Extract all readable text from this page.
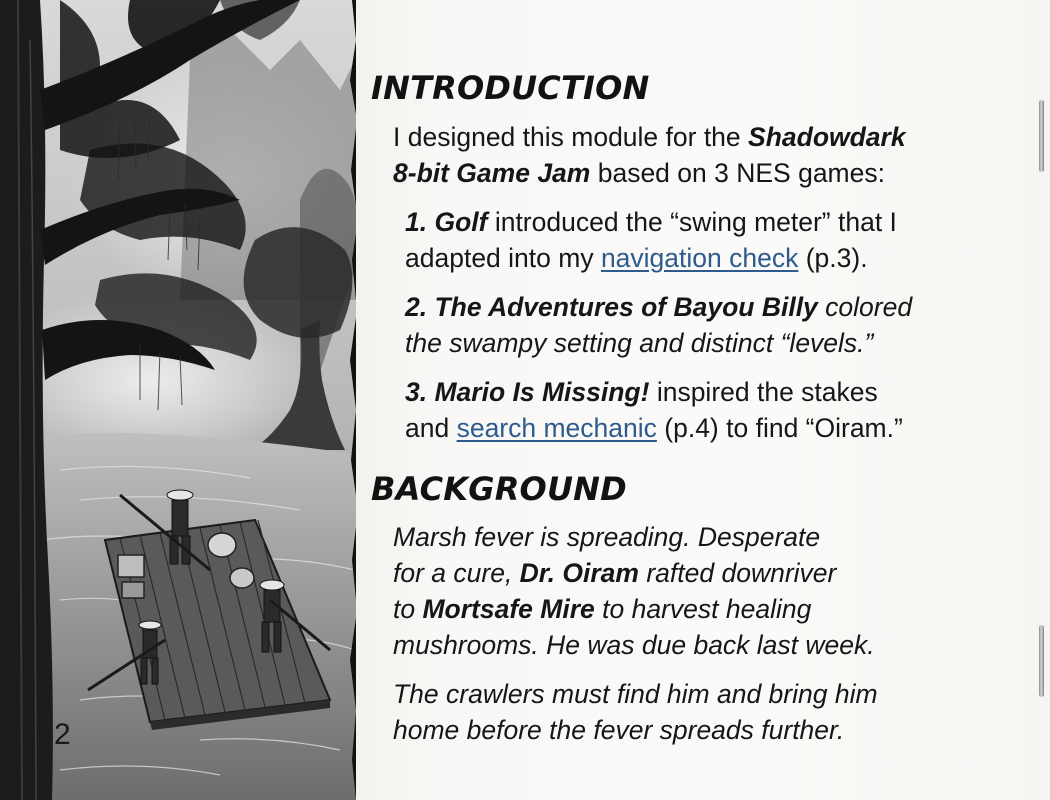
2
INTRODUCTION

I designed this module for the Shadowdark
8-bit Game Jam based on 3 NES games:

1. Golf introduced the “swing meter” that I
adapted into my navigation check (p.3).

2. The Adventures of Bayou Billy colored
the swampy setting and distinct “levels.”

3. Mario Is Missing! inspired the stakes
and search mechanic (p.4) to find “Oiram.”

BACKGROUND

Marsh fever is spreading. Desperate
for a cure, Dr. Oiram rafted downriver
to Mortsafe Mire to harvest healing
mushrooms. He was due back last week.

The crawlers must find him and bring him
home before the fever spreads further.
